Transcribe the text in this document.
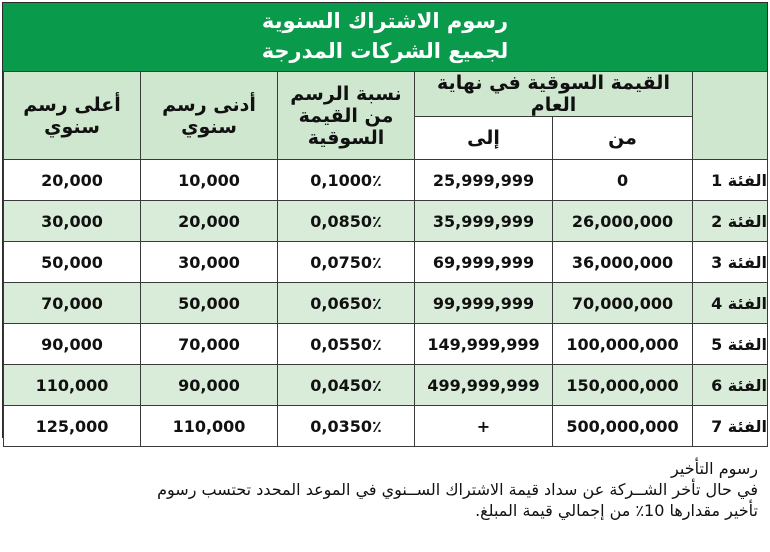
رسوم الاشتراك السنوية
لجميع الشركات المدرجة
أعلى رسم سنوي	أدنى رسم سنوي	نسبة الرسم من القيمة السوقية	القيمة السوقية في نهاية العام		
			إلى	من	
20,000	10,000	0,1000٪	25,999,999	0	الفئة 1
30,000	20,000	0,0850٪	35,999,999	26,000,000	الفئة 2
50,000	30,000	0,0750٪	69,999,999	36,000,000	الفئة 3
70,000	50,000	0,0650٪	99,999,999	70,000,000	الفئة 4
90,000	70,000	0,0550٪	149,999,999	100,000,000	الفئة 5
110,000	90,000	0,0450٪	499,999,999	150,000,000	الفئة 6
125,000	110,000	0,0350٪	+	500,000,000	الفئة 7
رسوم التأخير
في حال تأخر الشــركة عن سداد قيمة الاشتراك الســنوي في الموعد المحدد تحتسب رسوم
تأخير مقدارها 10٪ من إجمالي قيمة المبلغ.
